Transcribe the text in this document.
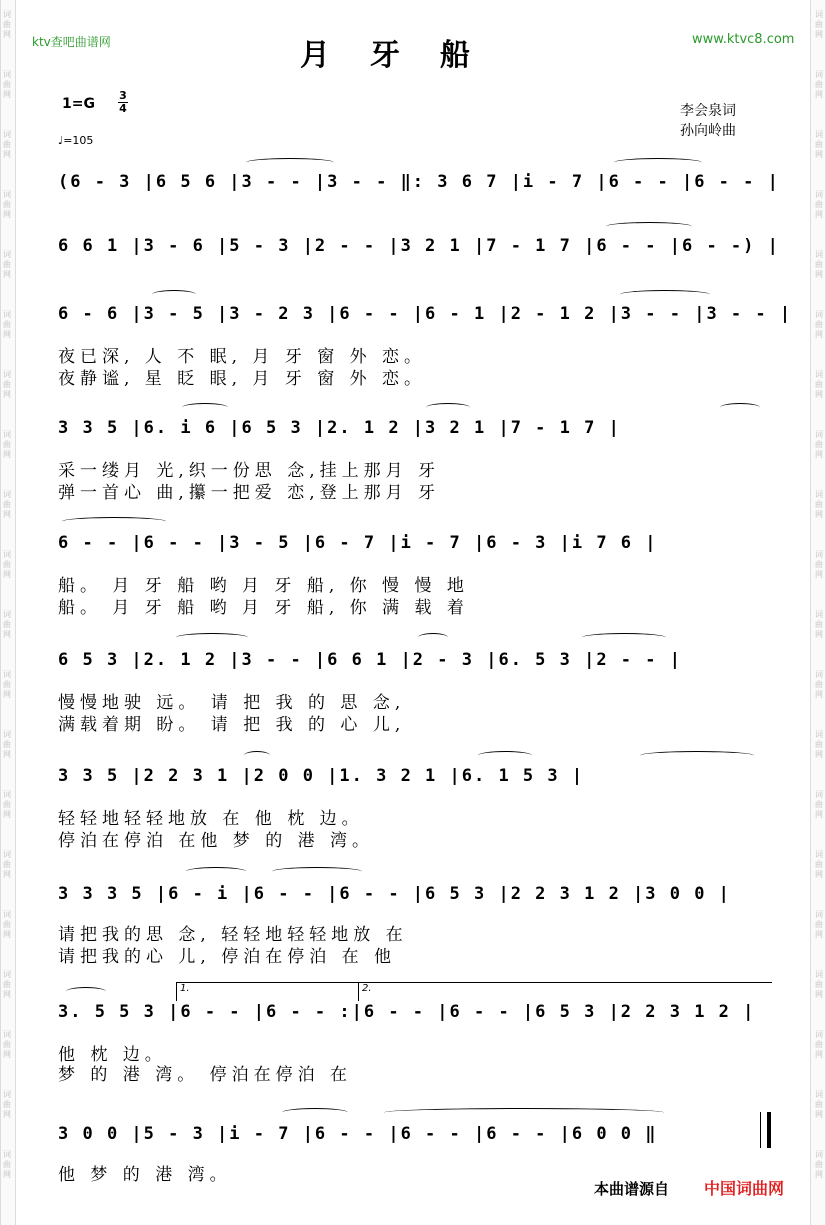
ktv查吧曲谱网	www.ktvc8.com
月牙船
1=G
3
4
♩=105
李会泉词
孙向岭曲
(6 - 3 |6 5 6 |3 - - |3 - - ‖: 3 6 7 |i - 7 |6 - - |6 - - |
6 6 1 |3 - 6 |5 - 3 |2 - - |3 2 1 |7 - 1 7 |6 - - |6 - -) |
6 - 6 |3 - 5 |3 - 2 3 |6 - - |6 - 1 |2 - 1 2 |3 - - |3 - - |
夜已深, 人 不 眠, 月 牙 窗 外 恋。
夜静谧, 星 眨 眼, 月 牙 窗 外 恋。
3 3 5 |6. i 6 |6 5 3 |2. 1 2 |3 2 1 |7 - 1 7 |
采一缕月 光,织一份思 念,挂上那月 牙
弹一首心 曲,攥一把爱 恋,登上那月 牙
6 - - |6 - - |3 - 5 |6 - 7 |i - 7 |6 - 3 |i 7 6 |
船。 月 牙 船 哟 月 牙 船, 你 慢 慢 地
船。 月 牙 船 哟 月 牙 船, 你 满 载 着
6 5 3 |2. 1 2 |3 - - |6 6 1 |2 - 3 |6. 5 3 |2 - - |
慢慢地驶 远。 请 把 我 的 思 念,
满载着期 盼。 请 把 我 的 心 儿,
3 3 5 |2 2 3 1 |2 0 0 |1. 3 2 1 |6. 1 5 3 |
轻轻地轻轻地放 在 他 枕 边。
停泊在停泊 在他 梦 的 港 湾。
3 3 3 5 |6 - i |6 - - |6 - - |6 5 3 |2 2 3 1 2 |3 0 0 |
请把我的思 念, 轻轻地轻轻地放 在
请把我的心 儿, 停泊在停泊 在 他
1.	2.
3. 5 5 3 |6 - - |6 - - :|6 - - |6 - - |6 5 3 |2 2 3 1 2 |
他 枕 边。
梦 的 港 湾。 停泊在停泊 在
3 0 0 |5 - 3 |i - 7 |6 - - |6 - - |6 - - |6 0 0 ‖
他 梦 的 港 湾。
本曲谱源自 中国词曲网
词
曲
网
词
曲
网
词
曲
网
词
曲
网
词
曲
网
词
曲
网
词
曲
网
词
曲
网
词
曲
网
词
曲
网
词
曲
网
词
曲
网
词
曲
网
词
曲
网
词
曲
网
词
曲
网
词
曲
网
词
曲
网
词
曲
网
词
曲
网
词
曲
网
词
曲
网
词
曲
网
词
曲
网
词
曲
网
词
曲
网
词
曲
网
词
曲
网
词
曲
网
词
曲
网
词
曲
网
词
曲
网
词
曲
网
词
曲
网
词
曲
网
词
曲
网
词
曲
网
词
曲
网
词
曲
网
词
曲
网
